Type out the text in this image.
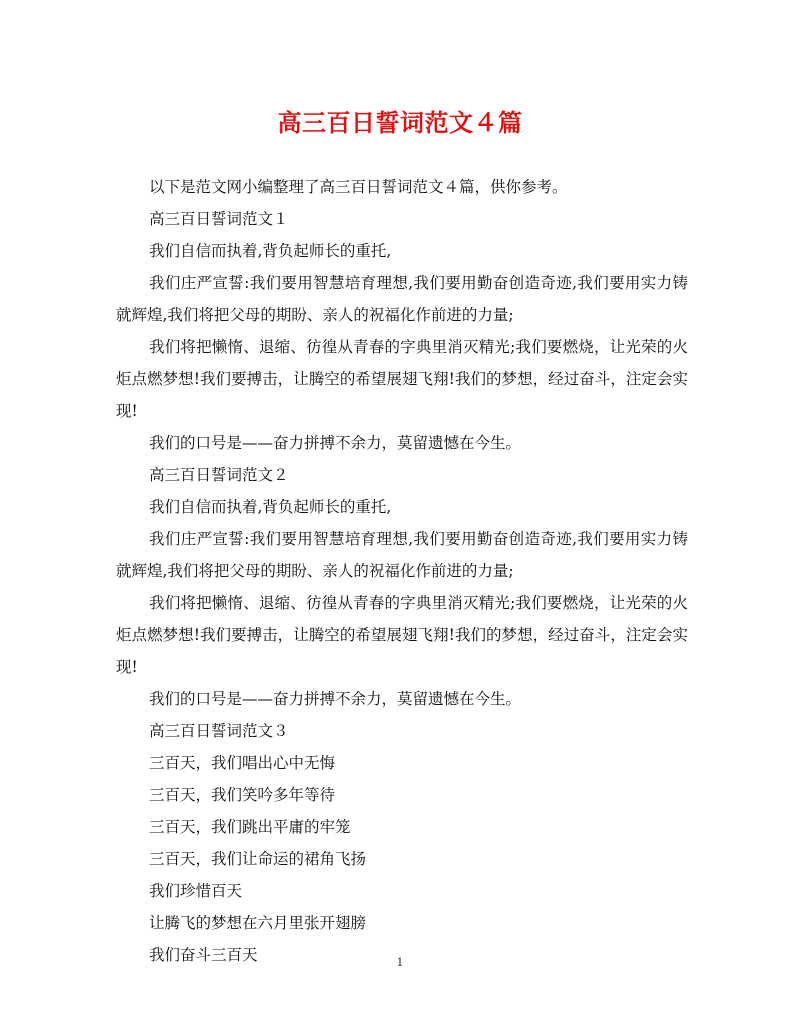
高三百日誓词范文４篇

以下是范文网小编整理了高三百日誓词范文４篇，供你参考。

高三百日誓词范文１

我们自信而执着,背负起师长的重托,

我们庄严宣誓:我们要用智慧培育理想,我们要用勤奋创造奇迹,我们要用实力铸就辉煌,我们将把父母的期盼、亲人的祝福化作前进的力量;

我们将把懒惰、退缩、彷徨从青春的字典里消灭精光;我们要燃烧，让光荣的火炬点燃梦想!我们要搏击，让腾空的希望展翅飞翔!我们的梦想，经过奋斗，注定会实现!

我们的口号是——奋力拼搏不余力，莫留遗憾在今生。

高三百日誓词范文２

我们自信而执着,背负起师长的重托,

我们庄严宣誓:我们要用智慧培育理想,我们要用勤奋创造奇迹,我们要用实力铸就辉煌,我们将把父母的期盼、亲人的祝福化作前进的力量;

我们将把懒惰、退缩、彷徨从青春的字典里消灭精光;我们要燃烧，让光荣的火炬点燃梦想!我们要搏击，让腾空的希望展翅飞翔!我们的梦想，经过奋斗，注定会实现!

我们的口号是——奋力拼搏不余力，莫留遗憾在今生。

高三百日誓词范文３

三百天，我们唱出心中无悔

三百天，我们笑吟多年等待

三百天，我们跳出平庸的牢笼

三百天，我们让命运的裙角飞扬

我们珍惜百天

让腾飞的梦想在六月里张开翅膀

我们奋斗三百天	1
